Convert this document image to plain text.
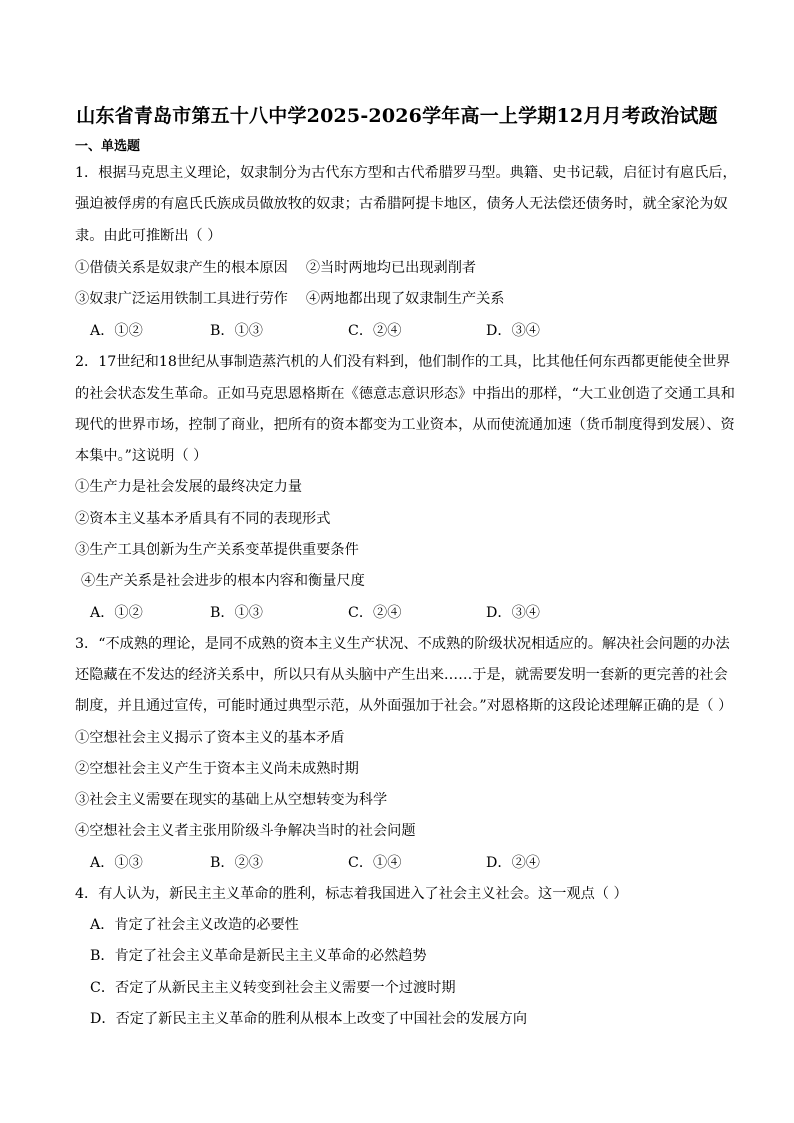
山东省青岛市第五十八中学2025-2026学年高一上学期12月月考政治试题
一、单选题
1．根据马克思主义理论，奴隶制分为古代东方型和古代希腊罗马型。典籍、史书记载，启征讨有扈氏后，
强迫被俘虏的有扈氏氏族成员做放牧的奴隶；古希腊阿提卡地区，债务人无法偿还债务时，就全家沦为奴
隶。由此可推断出（ ）
①借债关系是奴隶产生的根本原因    ②当时两地均已出现剥削者
③奴隶广泛运用铁制工具进行劳作    ④两地都出现了奴隶制生产关系
A．①②	B．①③	C．②④	D．③④
2．17世纪和18世纪从事制造蒸汽机的人们没有料到，他们制作的工具，比其他任何东西都更能使全世界
的社会状态发生革命。正如马克思恩格斯在《德意志意识形态》中指出的那样，“大工业创造了交通工具和
现代的世界市场，控制了商业，把所有的资本都变为工业资本，从而使流通加速（货币制度得到发展）、资
本集中。”这说明（ ）
①生产力是社会发展的最终决定力量
②资本主义基本矛盾具有不同的表现形式
③生产工具创新为生产关系变革提供重要条件
④生产关系是社会进步的根本内容和衡量尺度
A．①②	B．①③	C．②④	D．③④
3．“不成熟的理论，是同不成熟的资本主义生产状况、不成熟的阶级状况相适应的。解决社会问题的办法
还隐藏在不发达的经济关系中，所以只有从头脑中产生出来……于是，就需要发明一套新的更完善的社会
制度，并且通过宣传，可能时通过典型示范，从外面强加于社会。”对恩格斯的这段论述理解正确的是（ ）
①空想社会主义揭示了资本主义的基本矛盾
②空想社会主义产生于资本主义尚未成熟时期
③社会主义需要在现实的基础上从空想转变为科学
④空想社会主义者主张用阶级斗争解决当时的社会问题
A．①③	B．②③	C．①④	D．②④
4．有人认为，新民主主义革命的胜利，标志着我国进入了社会主义社会。这一观点（ ）
A．肯定了社会主义改造的必要性
B．肯定了社会主义革命是新民主主义革命的必然趋势
C．否定了从新民主主义转变到社会主义需要一个过渡时期
D．否定了新民主主义革命的胜利从根本上改变了中国社会的发展方向
